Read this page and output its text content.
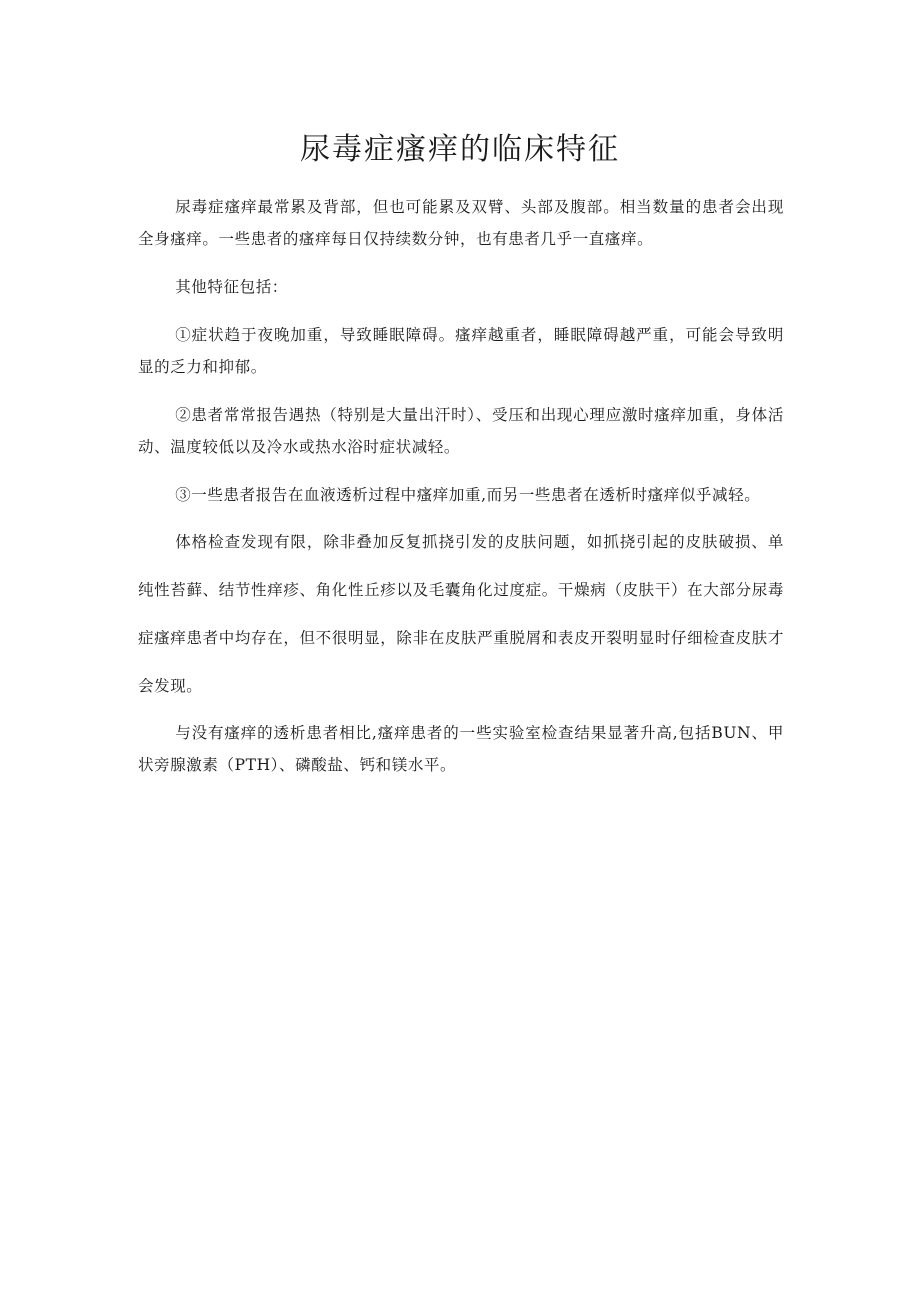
尿毒症瘙痒的临床特征

尿毒症瘙痒最常累及背部，但也可能累及双臂、头部及腹部。相当数量的患者会出现全身瘙痒。一些患者的瘙痒每日仅持续数分钟，也有患者几乎一直瘙痒。

其他特征包括：

①症状趋于夜晚加重，导致睡眠障碍。瘙痒越重者，睡眠障碍越严重，可能会导致明显的乏力和抑郁。

②患者常常报告遇热（特别是大量出汗时）、受压和出现心理应激时瘙痒加重，身体活动、温度较低以及冷水或热水浴时症状减轻。

③一些患者报告在血液透析过程中瘙痒加重,而另一些患者在透析时瘙痒似乎减轻。

体格检查发现有限，除非叠加反复抓挠引发的皮肤问题，如抓挠引起的皮肤破损、单纯性苔藓、结节性痒疹、角化性丘疹以及毛囊角化过度症。干燥病（皮肤干）在大部分尿毒症瘙痒患者中均存在，但不很明显，除非在皮肤严重脱屑和表皮开裂明显时仔细检查皮肤才会发现。

与没有瘙痒的透析患者相比,瘙痒患者的一些实验室检查结果显著升高,包括BUN、甲状旁腺激素（PTH）、磷酸盐、钙和镁水平。
